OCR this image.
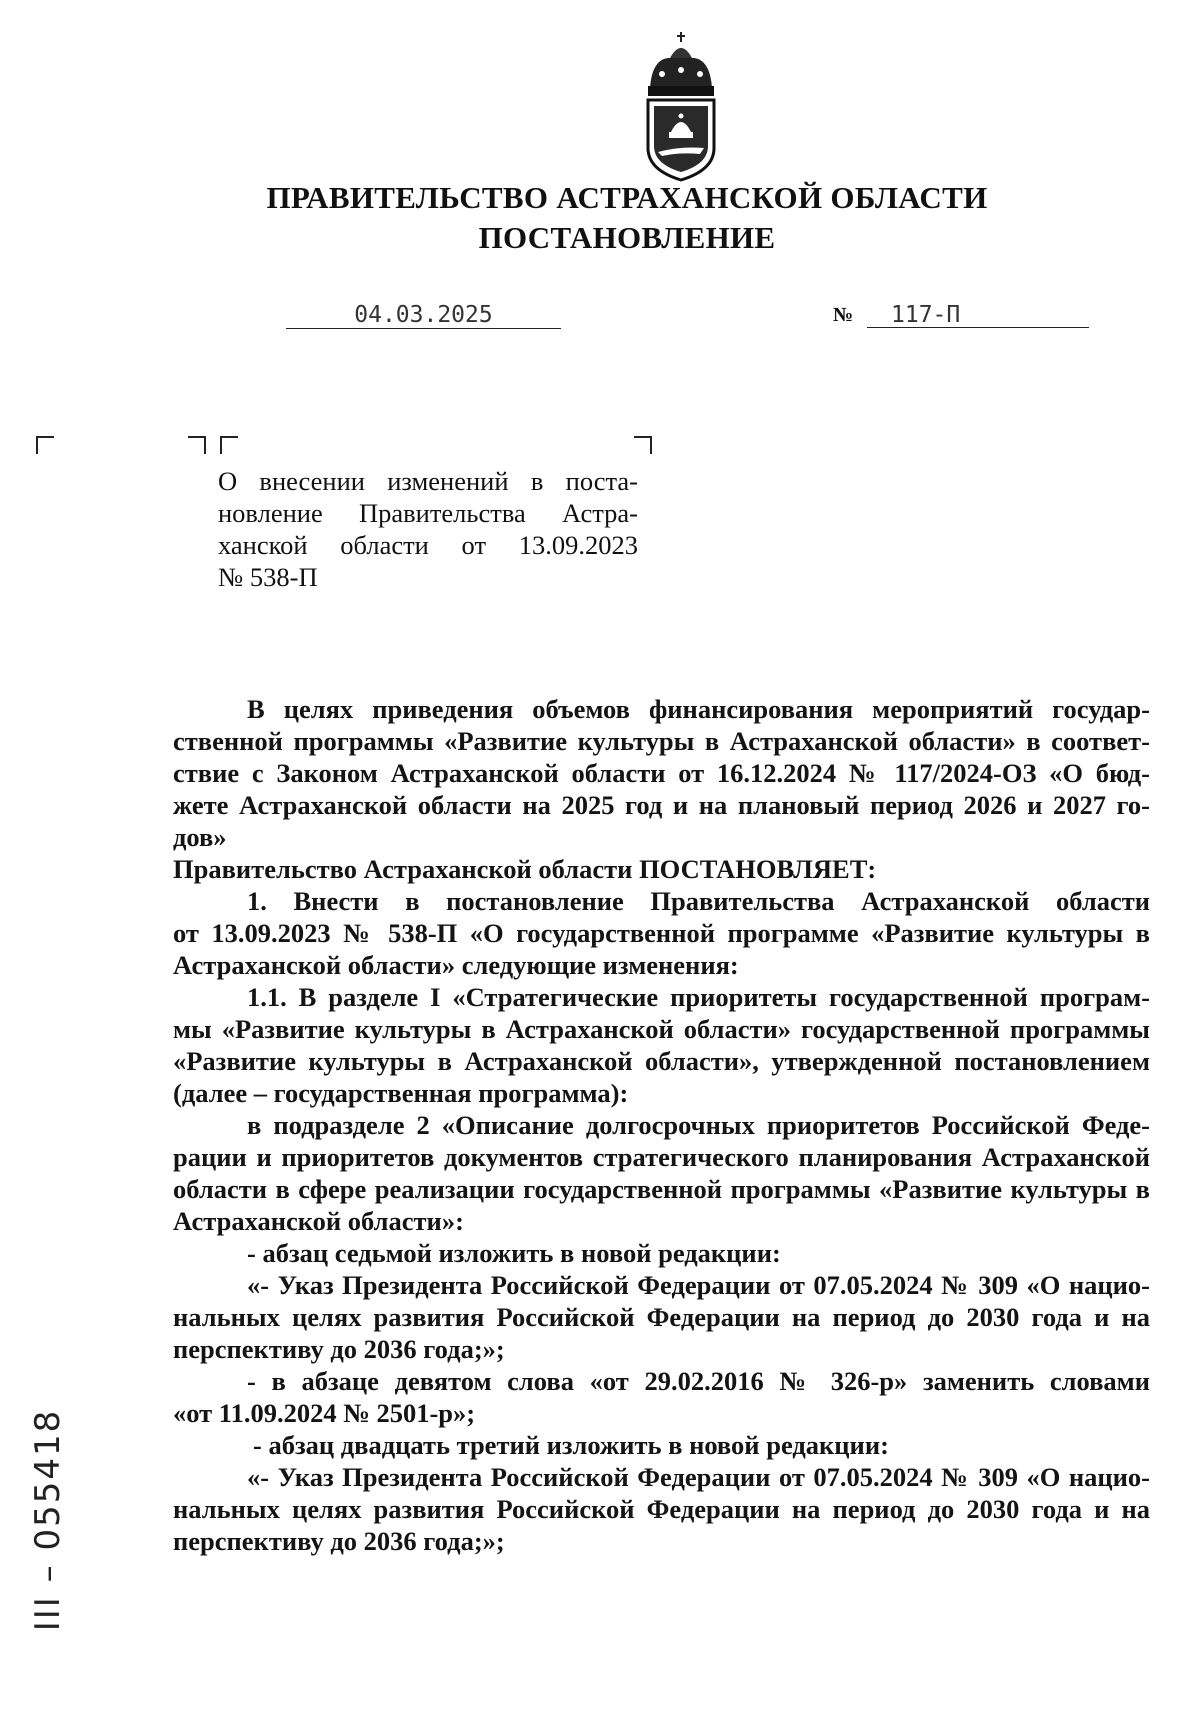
ПРАВИТЕЛЬСТВО АСТРАХАНСКОЙ ОБЛАСТИ
ПОСТАНОВЛЕНИЕ
04.03.2025	№	117-П
О внесении изменений в поста-
новление Правительства Астра-
ханской области от 13.09.2023
№ 538-П
В целях приведения объемов финансирования мероприятий государ-
ственной программы «Развитие культуры в Астраханской области» в соответ-
ствие с Законом Астраханской области от 16.12.2024 № 117/2024-ОЗ «О бюд-
жете Астраханской области на 2025 год и на плановый период 2026 и 2027 го-
дов»
Правительство Астраханской области ПОСТАНОВЛЯЕТ:
1. Внести в постановление Правительства Астраханской области
от 13.09.2023 № 538-П «О государственной программе «Развитие культуры в
Астраханской области» следующие изменения:
1.1. В разделе I «Стратегические приоритеты государственной програм-
мы «Развитие культуры в Астраханской области» государственной программы
«Развитие культуры в Астраханской области», утвержденной постановлением
(далее – государственная программа):
в подразделе 2 «Описание долгосрочных приоритетов Российской Феде-
рации и приоритетов документов стратегического планирования Астраханской
области в сфере реализации государственной программы «Развитие культуры в
Астраханской области»:
- абзац седьмой изложить в новой редакции:
«- Указ Президента Российской Федерации от 07.05.2024 № 309 «О нацио-
нальных целях развития Российской Федерации на период до 2030 года и на
перспективу до 2036 года;»;
- в абзаце девятом слова «от 29.02.2016 № 326-р» заменить словами
«от 11.09.2024 № 2501-р»;
- абзац двадцать третий изложить в новой редакции:
«- Указ Президента Российской Федерации от 07.05.2024 № 309 «О нацио-
нальных целях развития Российской Федерации на период до 2030 года и на
перспективу до 2036 года;»;
ІІІ – 055418
